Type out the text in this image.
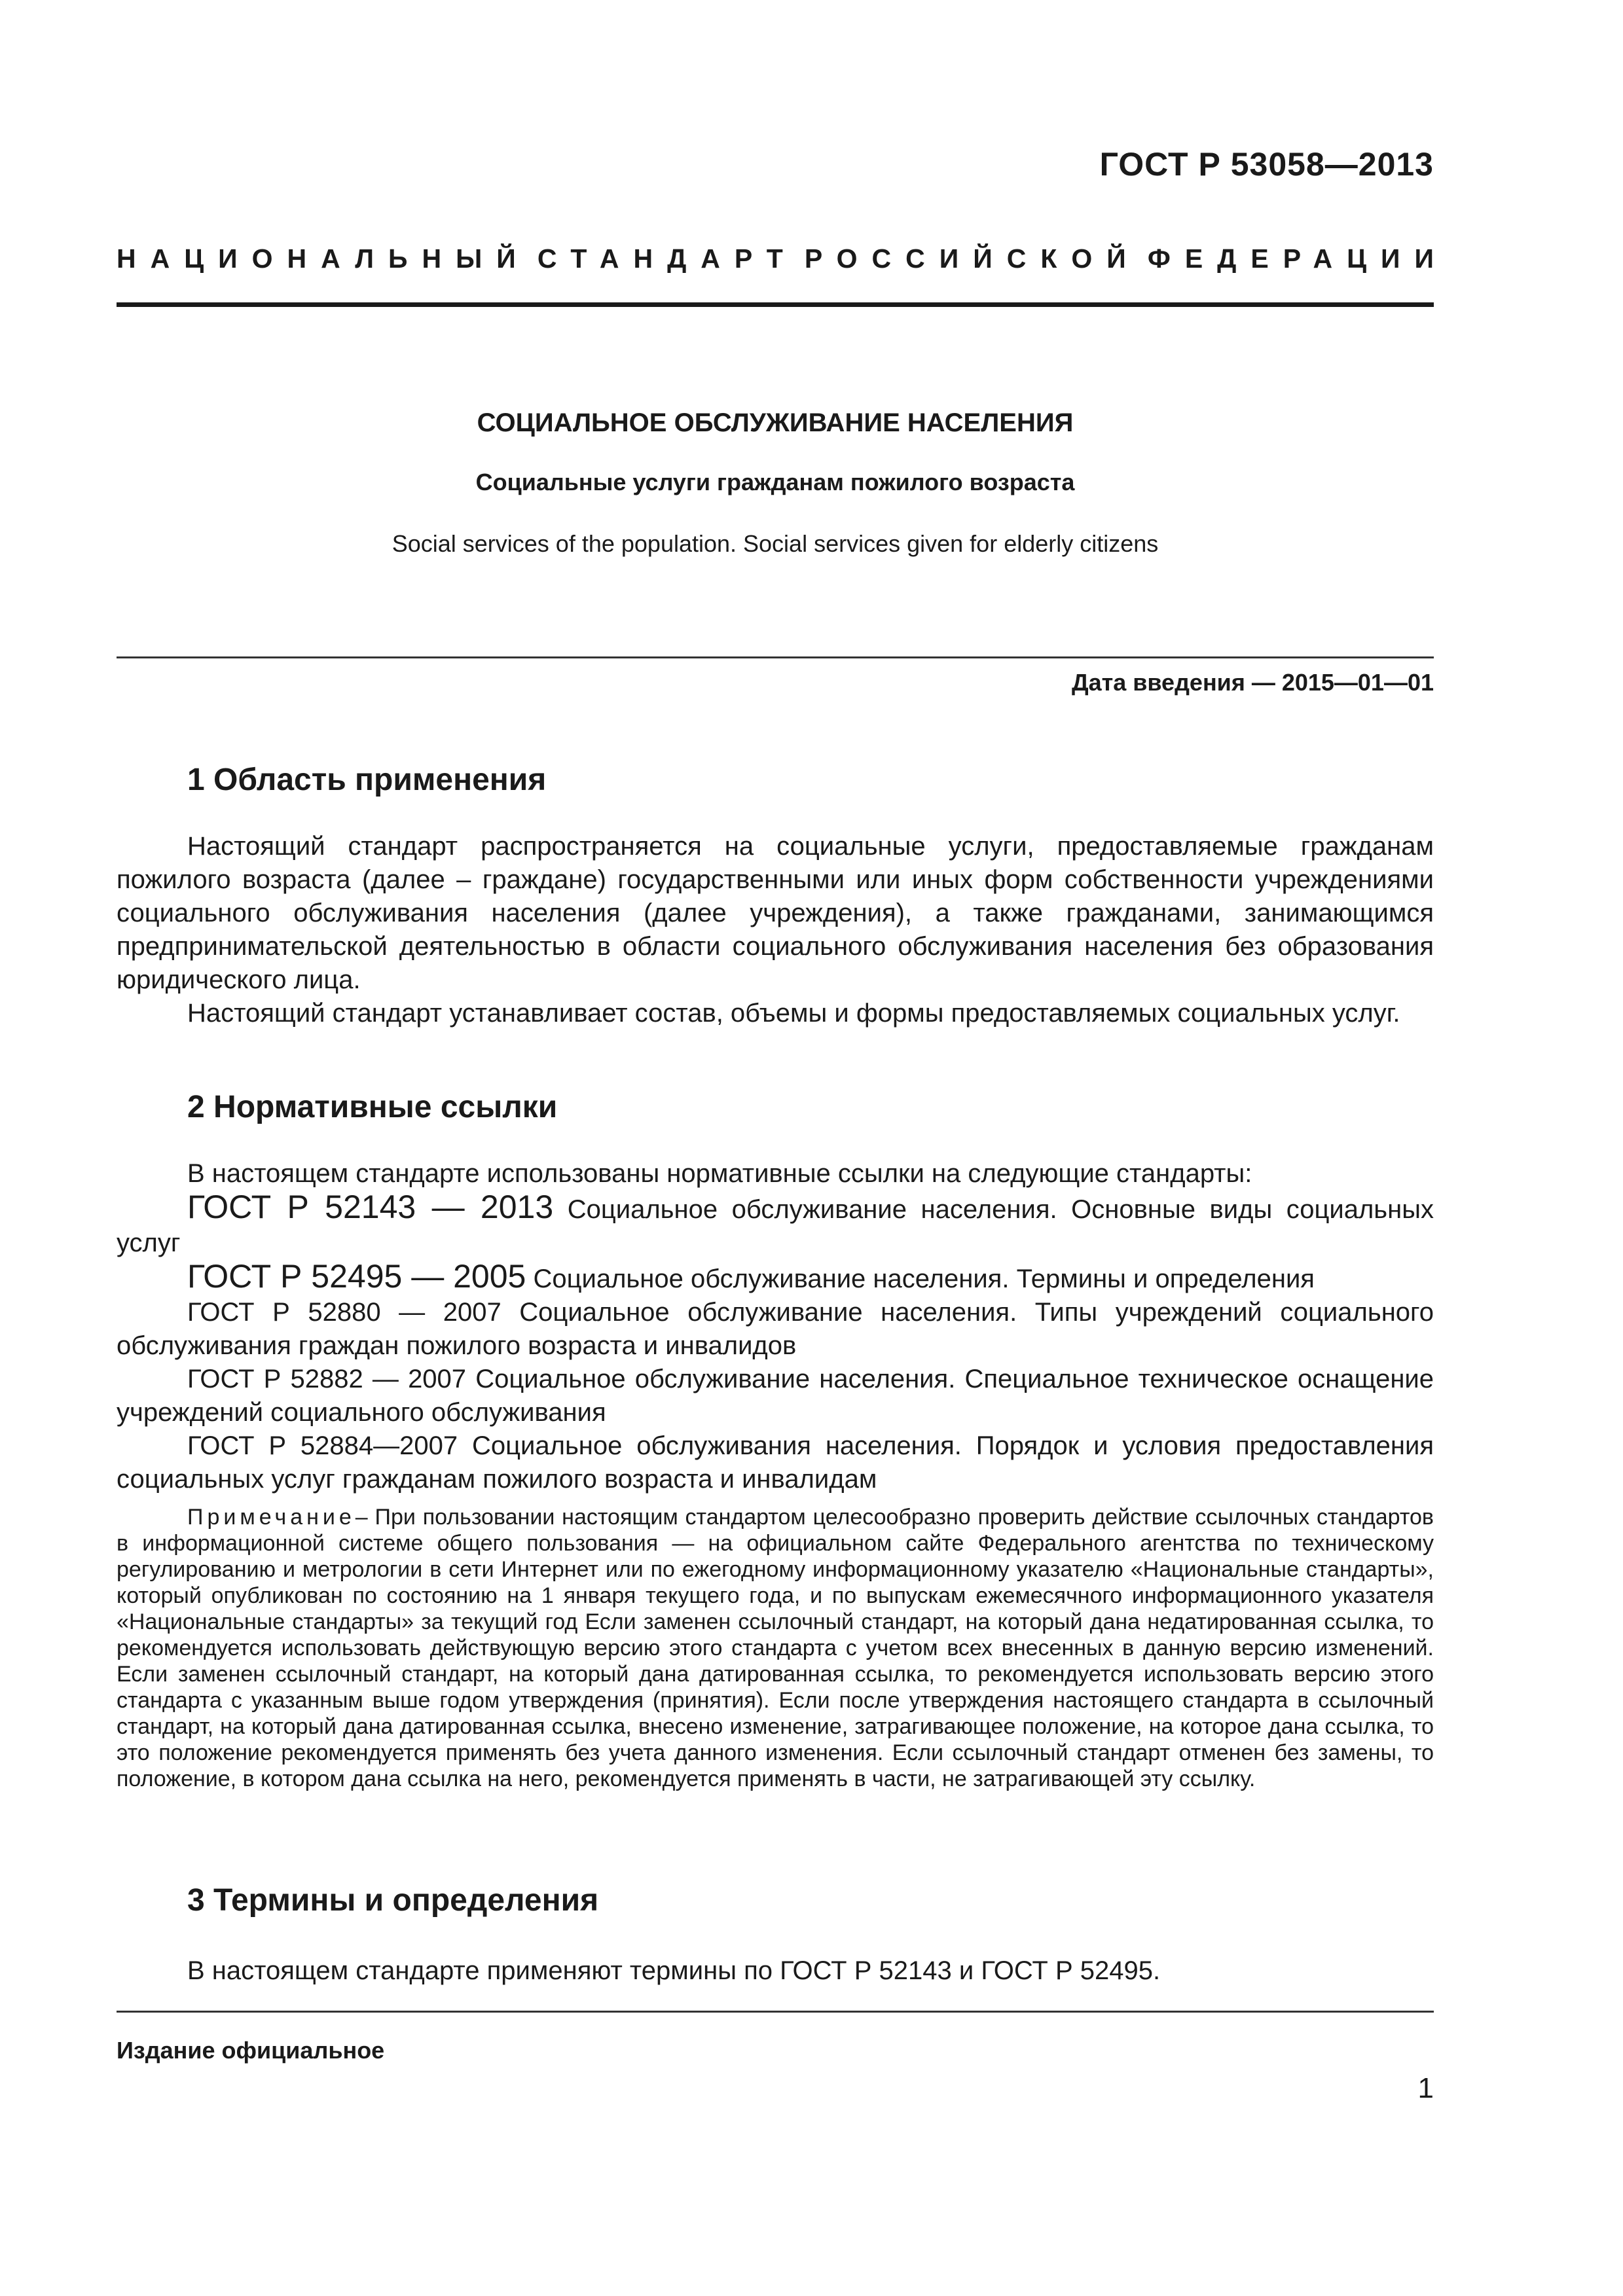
ГОСТ Р 53058—2013
НАЦИОНАЛЬНЫЙ СТАНДАРТ РОССИЙСКОЙ ФЕДЕРАЦИИ
СОЦИАЛЬНОЕ ОБСЛУЖИВАНИЕ НАСЕЛЕНИЯ
Социальные услуги гражданам пожилого возраста
Social services of the population. Social services given for elderly citizens
Дата введения — 2015—01—01
1 Область применения

Настоящий стандарт распространяется на социальные услуги, предоставляемые гражданам пожилого возраста (далее – граждане) государственными или иных форм собственности учреждениями социального обслуживания населения (далее учреждения), а также гражданами, занимающимся предпринимательской деятельностью в области социального обслуживания населения без образования юридического лица.

Настоящий стандарт устанавливает состав, объемы и формы предоставляемых социальных услуг.

2 Нормативные ссылки

В настоящем стандарте использованы нормативные ссылки на следующие стандарты:

ГОСТ Р 52143 — 2013 Социальное обслуживание населения. Основные виды социальных услуг

ГОСТ Р 52495 — 2005 Социальное обслуживание населения. Термины и определения

ГОСТ Р 52880 — 2007 Социальное обслуживание населения. Типы учреждений социального обслуживания граждан пожилого возраста и инвалидов

ГОСТ Р 52882 — 2007 Социальное обслуживание населения. Специальное техническое оснащение учреждений социального обслуживания

ГОСТ Р 52884—2007 Социальное обслуживания населения. Порядок и условия предоставления социальных услуг гражданам пожилого возраста и инвалидам

Примечание– При пользовании настоящим стандартом целесообразно проверить действие ссылочных стандартов в информационной системе общего пользования — на официальном сайте Федерального агентства по техническому регулированию и метрологии в сети Интернет или по ежегодному информационному указателю «Национальные стандарты», который опубликован по состоянию на 1 января текущего года, и по выпускам ежемесячного информационного указателя «Национальные стандарты» за текущий год Если заменен ссылочный стандарт, на который дана недатированная ссылка, то рекомендуется использовать действующую версию этого стандарта с учетом всех внесенных в данную версию изменений. Если заменен ссылочный стандарт, на который дана датированная ссылка, то рекомендуется использовать версию этого стандарта с указанным выше годом утверждения (принятия). Если после утверждения настоящего стандарта в ссылочный стандарт, на который дана датированная ссылка, внесено изменение, затрагивающее положение, на которое дана ссылка, то это положение рекомендуется применять без учета данного изменения. Если ссылочный стандарт отменен без замены, то положение, в котором дана ссылка на него, рекомендуется применять в части, не затрагивающей эту ссылку.

3 Термины и определения

В настоящем стандарте применяют термины по ГОСТ Р 52143 и ГОСТ Р 52495.

Издание официальное
1
